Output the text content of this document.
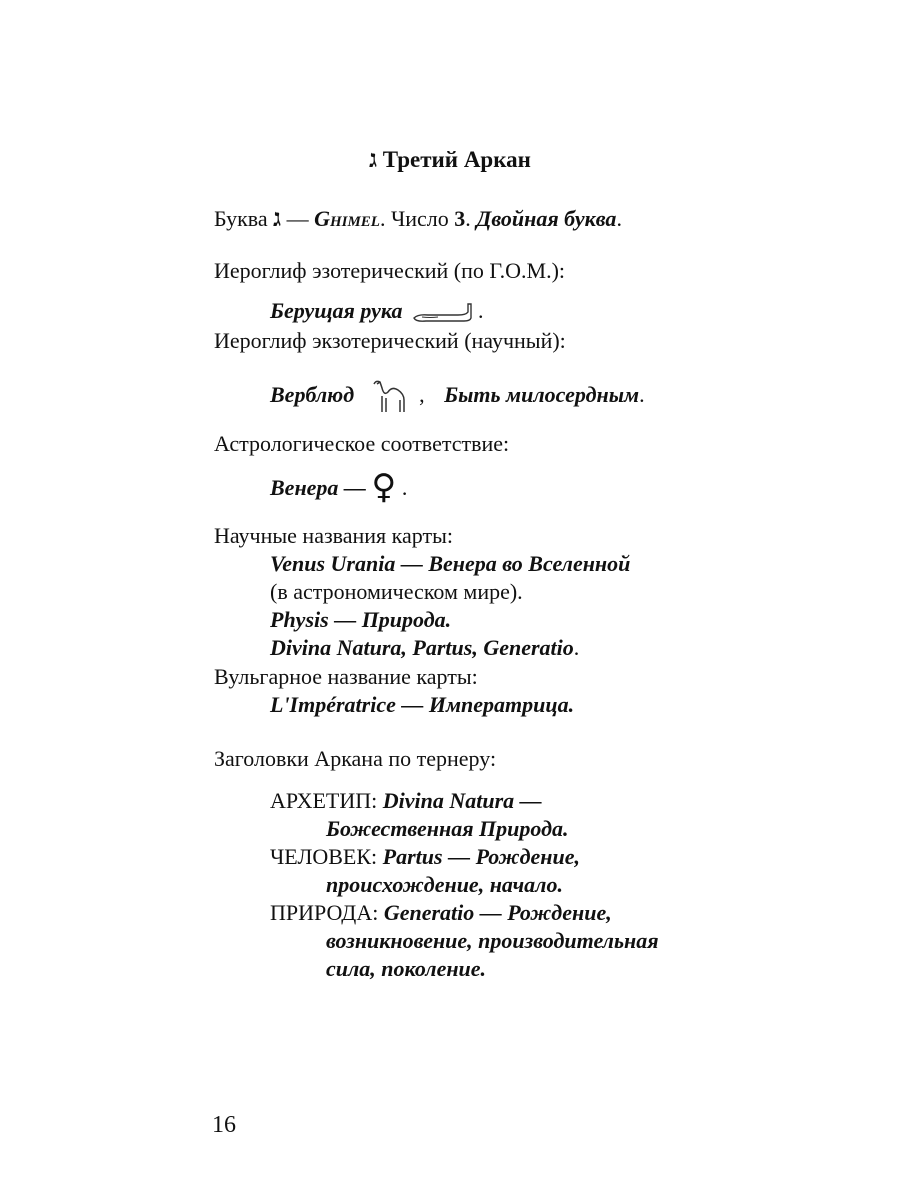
ג Третий Аркан
Буква ג — Ghimel. Число 3. Двойная буква.
Иероглиф эзотерический (по Г.О.М.):
Берущая рука	.
Иероглиф экзотерический (научный):
Верблюд	, Быть милосердным.
Астрологическое соответствие:
Венера — ♀ .
Научные названия карты:
Venus Urania — Венера во Вселенной
(в астрономическом мире).
Physis — Природа.
Divina Natura, Partus, Generatio.
Вульгарное название карты:
L'Impératrice — Императрица.
Заголовки Аркана по тернеру:
АРХЕТИП: Divina Natura —
Божественная Природа.
ЧЕЛОВЕК: Partus — Рождение,
происхождение, начало.
ПРИРОДА: Generatio — Рождение,
возникновение, производительная
сила, поколение.
16
